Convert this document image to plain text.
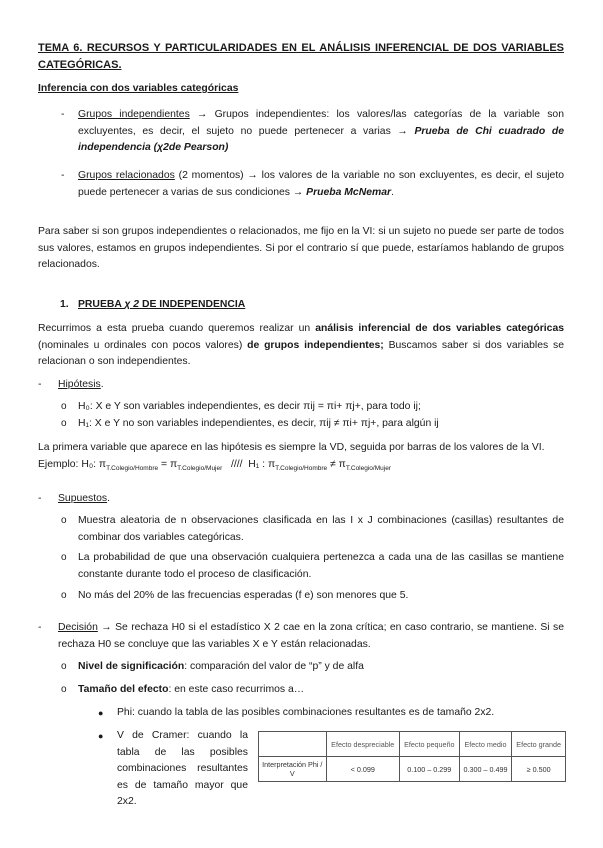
TEMA 6. RECURSOS Y PARTICULARIDADES EN EL ANÁLISIS INFERENCIAL DE DOS VARIABLES CATEGÓRICAS.
Inferencia con dos variables categóricas
-	Grupos independientes → Grupos independientes: los valores/las categorías de la variable son excluyentes, es decir, el sujeto no puede pertenecer a varias → Prueba de Chi cuadrado de independencia (χ2de Pearson)
-	Grupos relacionados (2 momentos) → los valores de la variable no son excluyentes, es decir, el sujeto puede pertenecer a varias de sus condiciones → Prueba McNemar.
Para saber si son grupos independientes o relacionados, me fijo en la VI: si un sujeto no puede ser parte de todos sus valores, estamos en grupos independientes. Si por el contrario sí que puede, estaríamos hablando de grupos relacionados.
1. PRUEBA χ 2 DE INDEPENDENCIA
Recurrimos a esta prueba cuando queremos realizar un análisis inferencial de dos variables categóricas (nominales u ordinales con pocos valores) de grupos independientes; Buscamos saber si dos variables se relacionan o son independientes.
-	Hipótesis.
o	H₀: X e Y son variables independientes, es decir πij = πi+ πj+, para todo ij;
o	H₁: X e Y no son variables independientes, es decir, πij ≠ πi+ πj+, para algún ij
La primera variable que aparece en las hipótesis es siempre la VD, seguida por barras de los valores de la VI.
Ejemplo: H₀: $\pi_{T.Colegio/Hombre} = \pi_{T.Colegio/Mujer}$   ////  H₁ : $\pi_{T.Colegio/Hombre} \ne \pi_{T.Colegio/Mujer}$
-	Supuestos.
o	Muestra aleatoria de n observaciones clasificada en las I x J combinaciones (casillas) resultantes de combinar dos variables categóricas.
o	La probabilidad de que una observación cualquiera pertenezca a cada una de las casillas se mantiene constante durante todo el proceso de clasificación.
o	No más del 20% de las frecuencias esperadas (f e) son menores que 5.
-	Decisión → Se rechaza H0 si el estadístico X 2 cae en la zona crítica; en caso contrario, se mantiene. Si se rechaza H0 se concluye que las variables X e Y están relacionadas.
o	Nivel de significación: comparación del valor de “p” y de alfa
o	Tamaño del efecto: en este caso recurrimos a…
● Phi: cuando la tabla de las posibles combinaciones resultantes es de tamaño 2x2.
● V de Cramer: cuando la tabla de las posibles combinaciones resultantes es de tamaño mayor que 2x2.
	Efecto despreciable	Efecto pequeño	Efecto medio	Efecto grande
Interpretación Phi / V	< 0.099	0.100 – 0.299	0.300 – 0.499	≥ 0.500
